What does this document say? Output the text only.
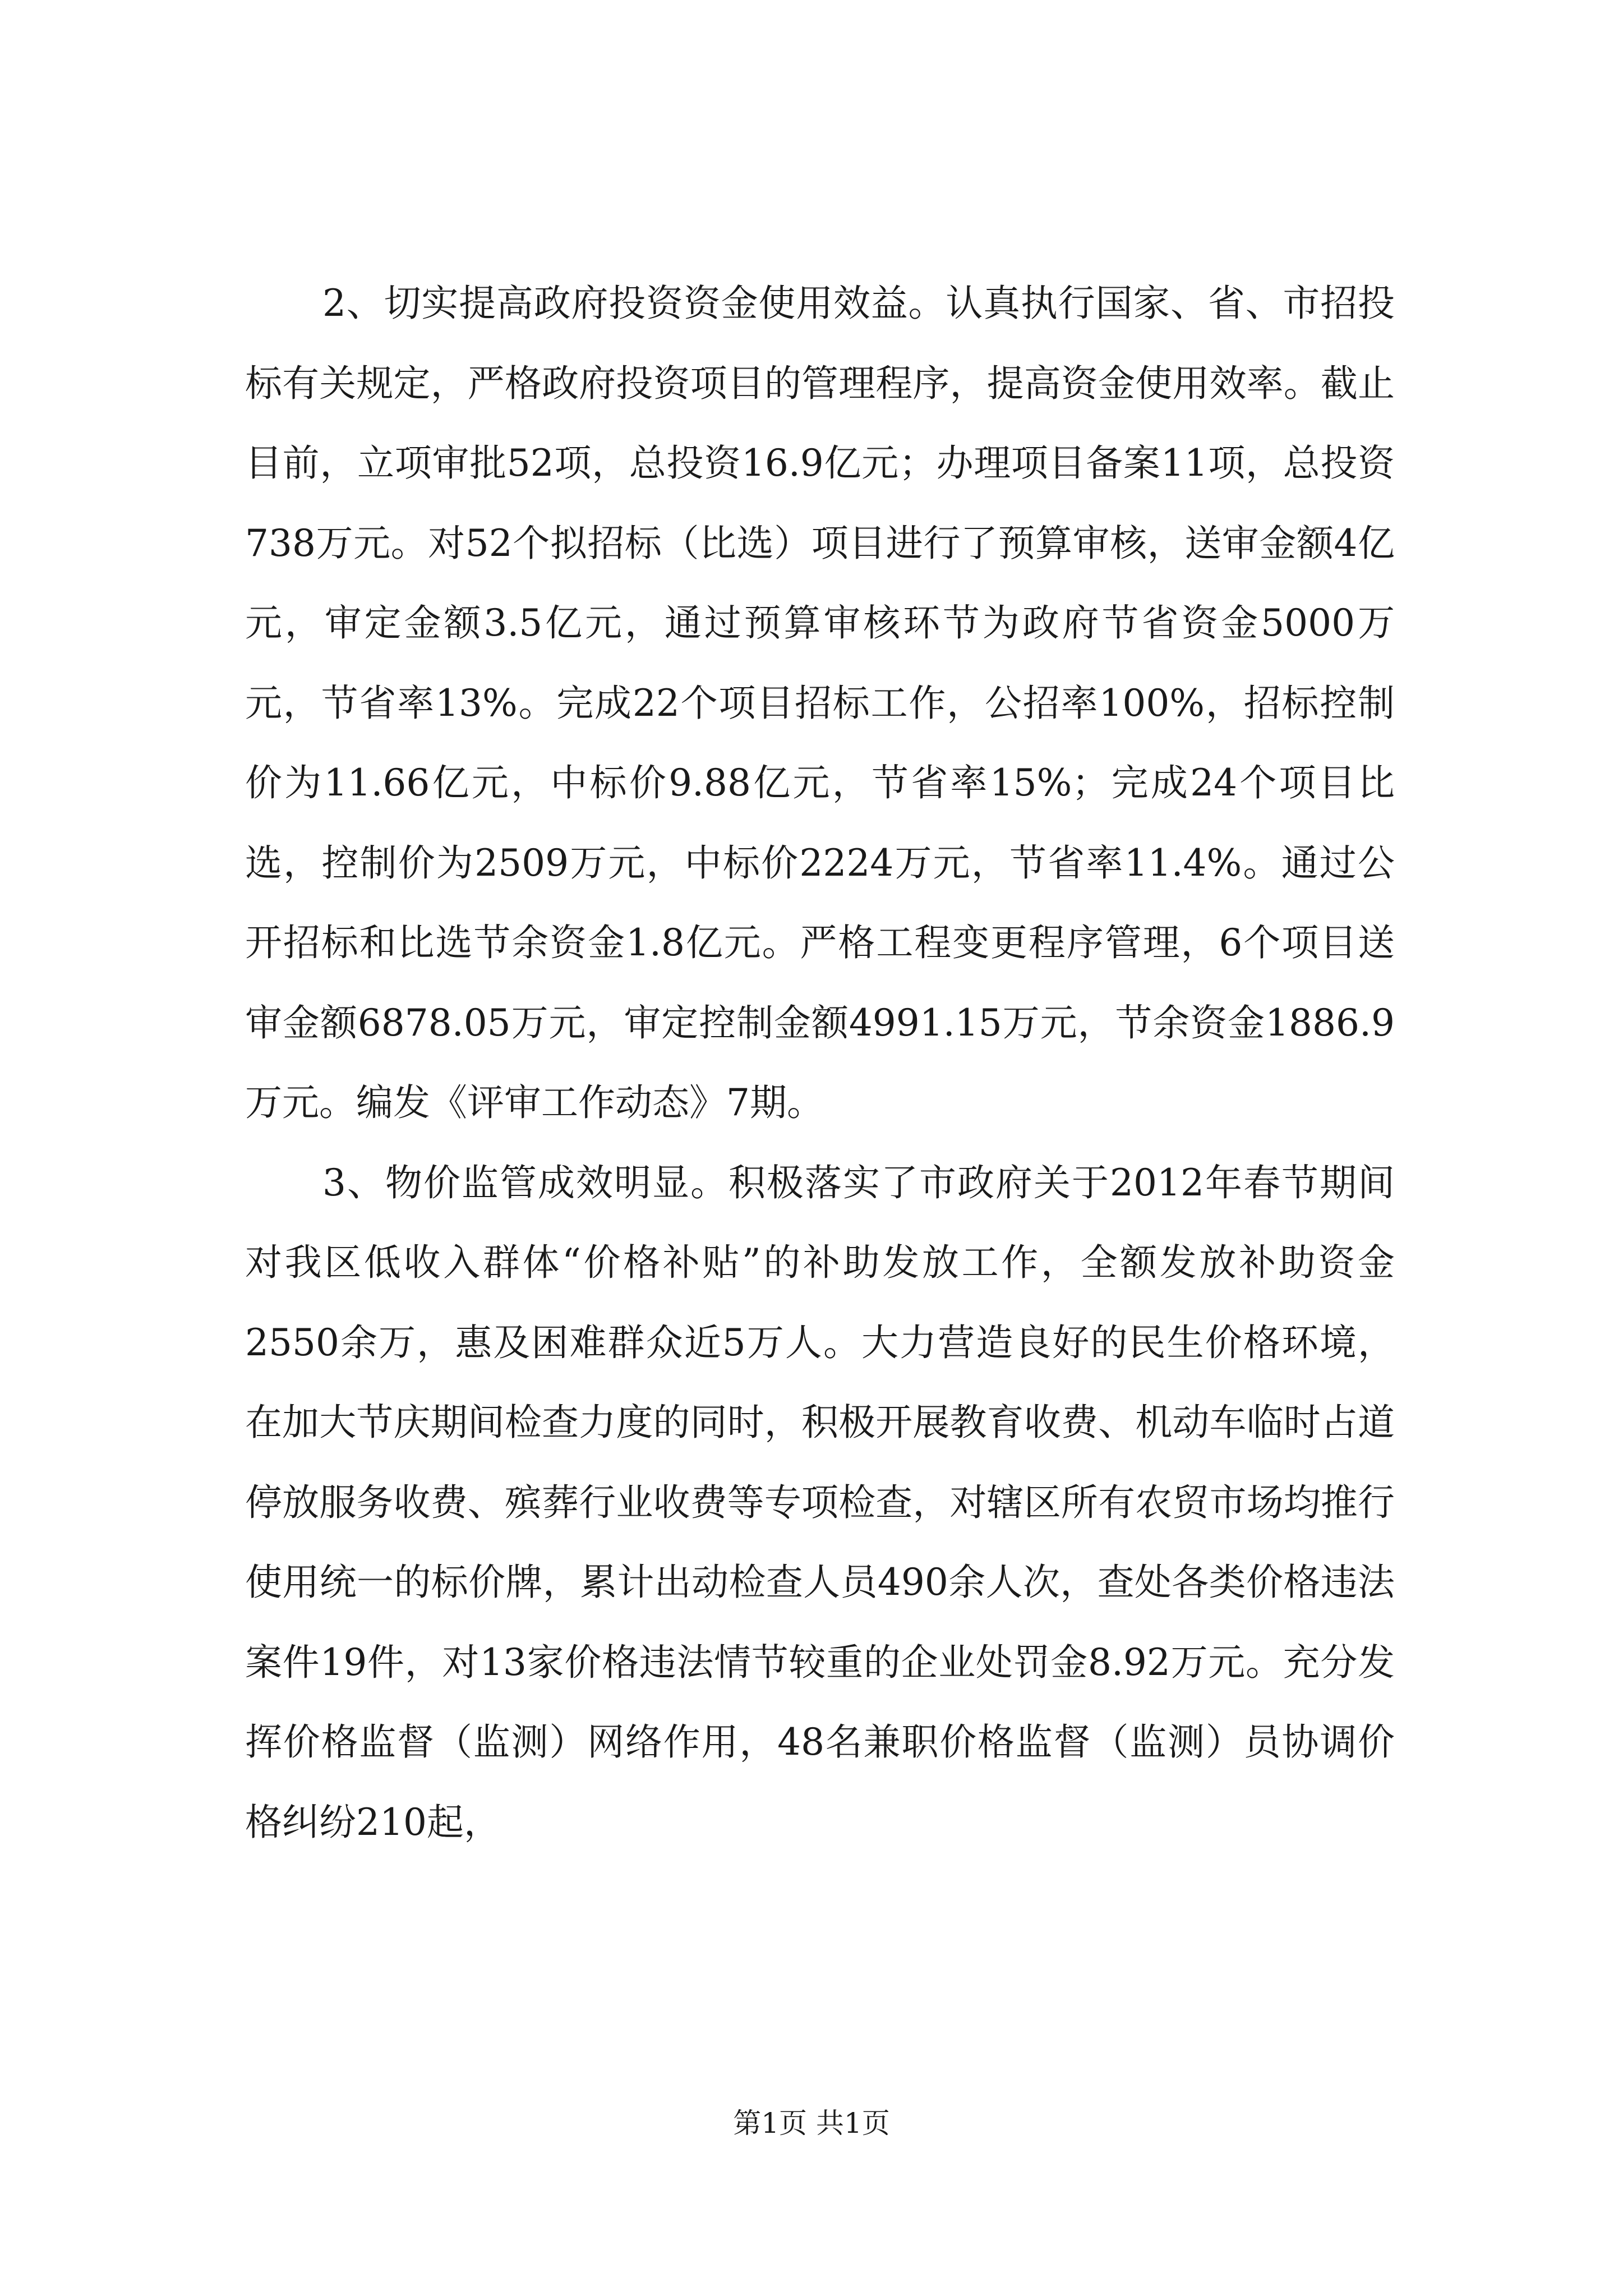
2、切实提高政府投资资金使用效益。认真执行国家、省、市招投标有关规定，严格政府投资项目的管理程序，提高资金使用效率。截止目前，立项审批52项，总投资16.9亿元；办理项目备案11项，总投资738万元。对52个拟招标（比选）项目进行了预算审核，送审金额4亿元，审定金额3.5亿元，通过预算审核环节为政府节省资金5000万元，节省率13%。完成22个项目招标工作，公招率100%，招标控制价为11.66亿元，中标价9.88亿元，节省率15%；完成24个项目比选，控制价为2509万元，中标价2224万元，节省率11.4%。通过公开招标和比选节余资金1.8亿元。严格工程变更程序管理，6个项目送审金额6878.05万元，审定控制金额4991.15万元，节余资金1886.9万元。编发《评审工作动态》7期。

3、物价监管成效明显。积极落实了市政府关于2012年春节期间对我区低收入群体“价格补贴”的补助发放工作，全额发放补助资金2550余万，惠及困难群众近5万人。大力营造良好的民生价格环境，在加大节庆期间检查力度的同时，积极开展教育收费、机动车临时占道停放服务收费、殡葬行业收费等专项检查，对辖区所有农贸市场均推行使用统一的标价牌，累计出动检查人员490余人次，查处各类价格违法案件19件，对13家价格违法情节较重的企业处罚金8.92万元。充分发挥价格监督（监测）网络作用，48名兼职价格监督（监测）员协调价格纠纷210起，

第1页 共1页
